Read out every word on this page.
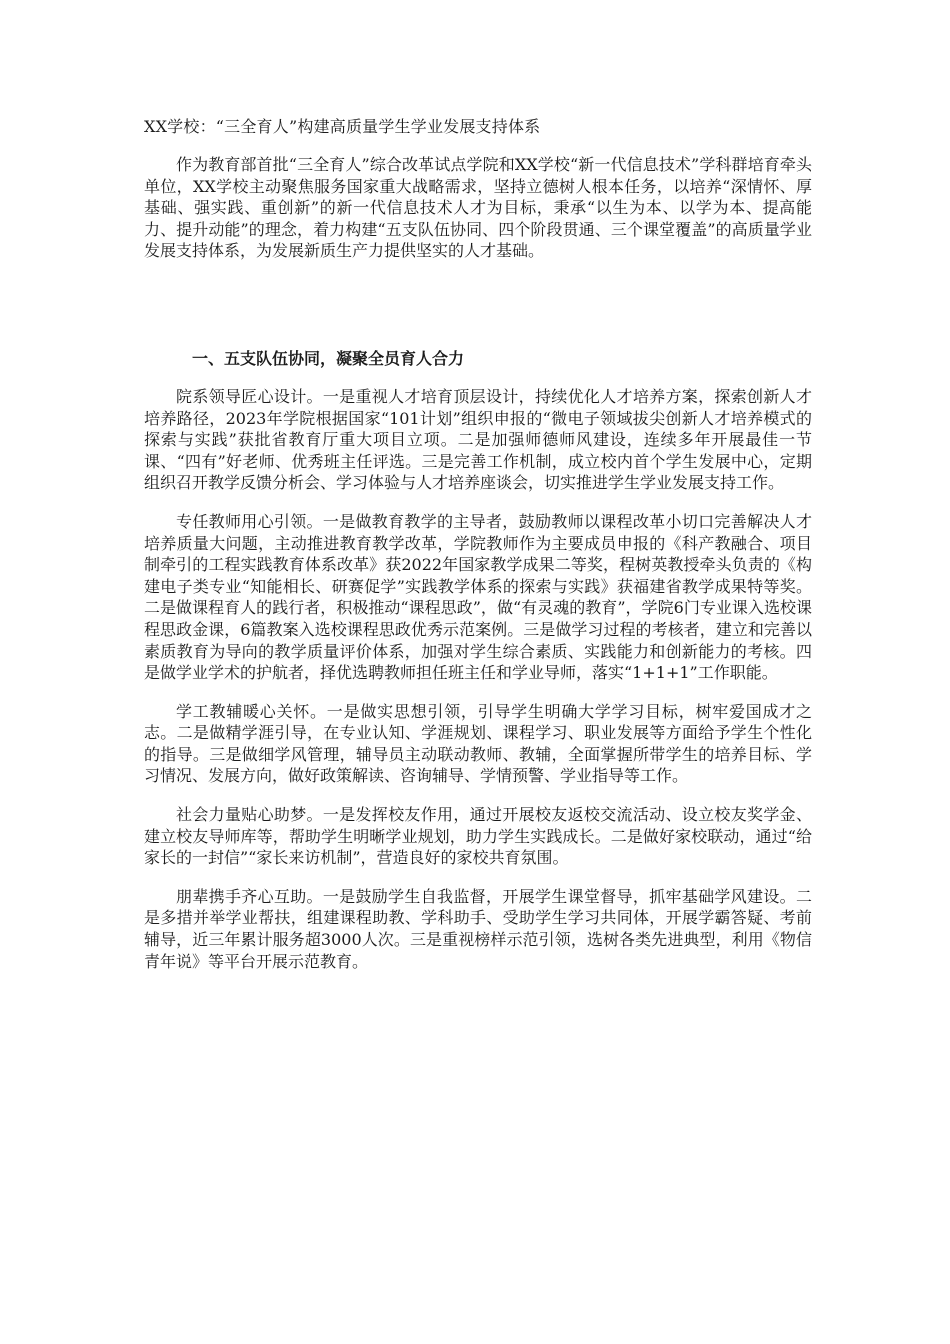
XX学校：“三全育人”构建高质量学生学业发展支持体系

作为教育部首批“三全育人”综合改革试点学院和XX学校“新一代信息技术”学科群培育牵头单位，XX学校主动聚焦服务国家重大战略需求，坚持立德树人根本任务，以培养“深情怀、厚基础、强实践、重创新”的新一代信息技术人才为目标，秉承“以生为本、以学为本、提高能力、提升动能”的理念，着力构建“五支队伍协同、四个阶段贯通、三个课堂覆盖”的高质量学业发展支持体系，为发展新质生产力提供坚实的人才基础。

一、五支队伍协同，凝聚全员育人合力

院系领导匠心设计。一是重视人才培育顶层设计，持续优化人才培养方案，探索创新人才培养路径，2023年学院根据国家“101计划”组织申报的“微电子领域拔尖创新人才培养模式的探索与实践”获批省教育厅重大项目立项。二是加强师德师风建设，连续多年开展最佳一节课、“四有”好老师、优秀班主任评选。三是完善工作机制，成立校内首个学生发展中心，定期组织召开教学反馈分析会、学习体验与人才培养座谈会，切实推进学生学业发展支持工作。

专任教师用心引领。一是做教育教学的主导者，鼓励教师以课程改革小切口完善解决人才培养质量大问题，主动推进教育教学改革，学院教师作为主要成员申报的《科产教融合、项目制牵引的工程实践教育体系改革》获2022年国家教学成果二等奖，程树英教授牵头负责的《构建电子类专业“知能相长、研赛促学”实践教学体系的探索与实践》获福建省教学成果特等奖。二是做课程育人的践行者，积极推动“课程思政”，做“有灵魂的教育”，学院6门专业课入选校课程思政金课，6篇教案入选校课程思政优秀示范案例。三是做学习过程的考核者，建立和完善以素质教育为导向的教学质量评价体系，加强对学生综合素质、实践能力和创新能力的考核。四是做学业学术的护航者，择优选聘教师担任班主任和学业导师，落实“1+1+1”工作职能。

学工教辅暖心关怀。一是做实思想引领，引导学生明确大学学习目标，树牢爱国成才之志。二是做精学涯引导，在专业认知、学涯规划、课程学习、职业发展等方面给予学生个性化的指导。三是做细学风管理，辅导员主动联动教师、教辅，全面掌握所带学生的培养目标、学习情况、发展方向，做好政策解读、咨询辅导、学情预警、学业指导等工作。

社会力量贴心助梦。一是发挥校友作用，通过开展校友返校交流活动、设立校友奖学金、建立校友导师库等，帮助学生明晰学业规划，助力学生实践成长。二是做好家校联动，通过“给家长的一封信”“家长来访机制”，营造良好的家校共育氛围。

朋辈携手齐心互助。一是鼓励学生自我监督，开展学生课堂督导，抓牢基础学风建设。二是多措并举学业帮扶，组建课程助教、学科助手、受助学生学习共同体，开展学霸答疑、考前辅导，近三年累计服务超3000人次。三是重视榜样示范引领，选树各类先进典型，利用《物信青年说》等平台开展示范教育。
